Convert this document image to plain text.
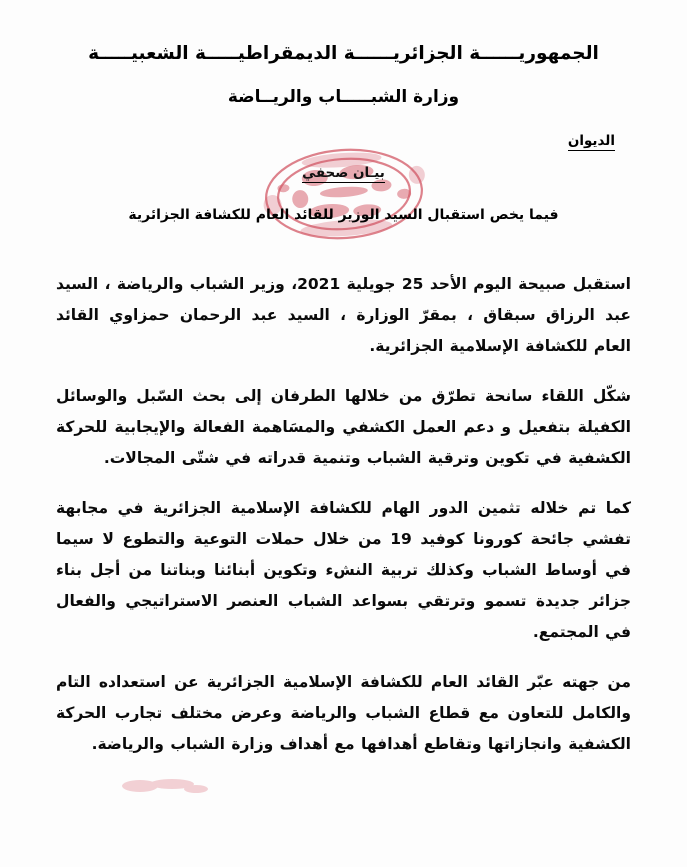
الجمهوريــــــة الجزائريــــــة الديمقراطيـــــة الشعبيـــــة
وزارة الشبـــــاب والريــاضة
الديوان
بيـان صحفي
فيما يخص استقبال السيد الوزير للقائد العام للكشافة الجزائرية

استقبل صبيحة اليوم الأحد 25 جويلية 2021، وزير الشباب والرياضة ، السيد عبد الرزاق سبقاق ، بمقرّ الوزارة ، السيد عبد الرحمان حمزاوي القائد العام للكشافة الإسلامية الجزائرية.

شكّل اللقاء سانحة تطرّق من خلالها الطرفان إلى بحث السّبل والوسائل الكفيلة بتفعيل و دعم العمل الكشفي والمسَاهمة الفعالة والإيجابية للحركة الكشفية في تكوين وترقية الشباب وتنمية قدراته في شتّى المجالات.

كما تم خلاله تثمين الدور الهام للكشافة الإسلامية الجزائرية في مجابهة تفشي جائحة كورونا كوفيد 19 من خلال حملات التوعية والتطوع لا سيما في أوساط الشباب وكذلك تربية النشء وتكوين أبنائنا وبناتنا من أجل بناء جزائر جديدة تسمو وترتقي بسواعد الشباب العنصر الاستراتيجي والفعال في المجتمع.

من جهته عبّر القائد العام للكشافة الإسلامية الجزائرية عن استعداده التام والكامل للتعاون مع قطاع الشباب والرياضة وعرض مختلف تجارب الحركة الكشفية وانجازاتها وتقاطع أهدافها مع أهداف وزارة الشباب والرياضة.
